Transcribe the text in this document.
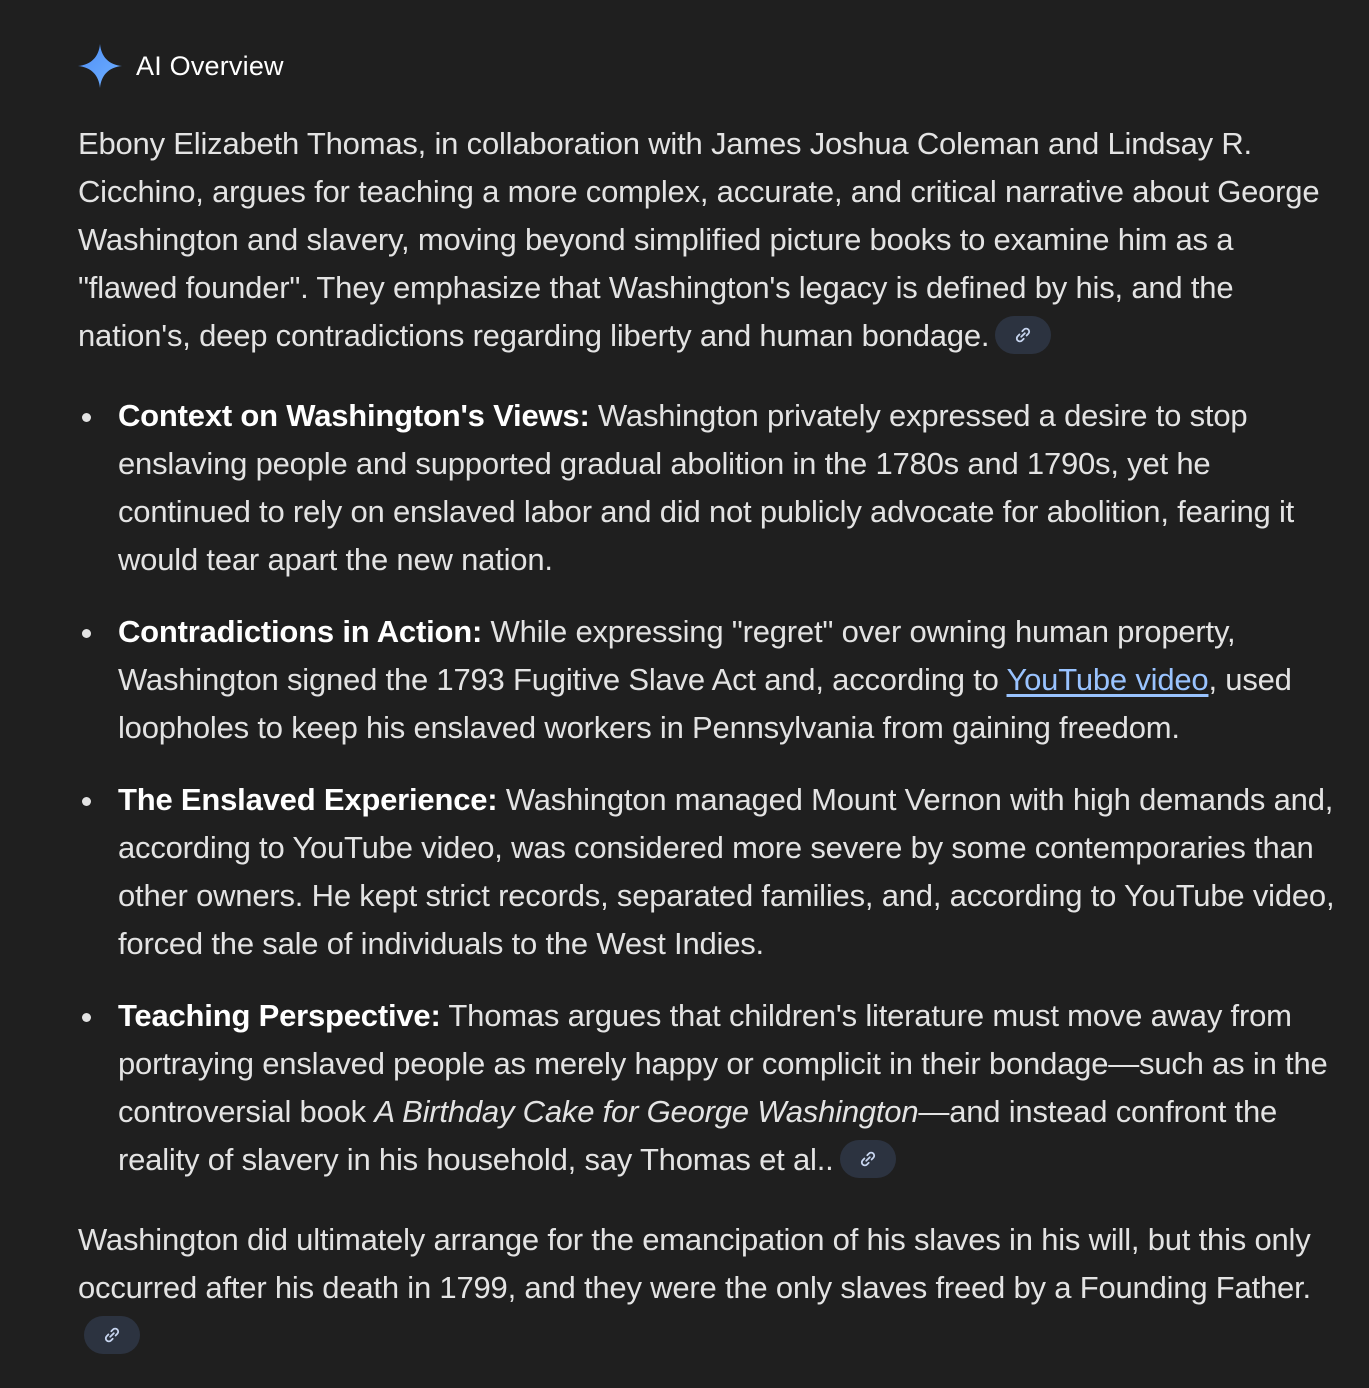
AI Overview

Ebony Elizabeth Thomas, in collaboration with James Joshua Coleman and Lindsay R. Cicchino, argues for teaching a more complex, accurate, and critical narrative about George Washington and slavery, moving beyond simplified picture books to examine him as a "flawed founder". They emphasize that Washington's legacy is defined by his, and the nation's, deep contradictions regarding liberty and human bondage.

Context on Washington's Views: Washington privately expressed a desire to stop enslaving people and supported gradual abolition in the 1780s and 1790s, yet he continued to rely on enslaved labor and did not publicly advocate for abolition, fearing it would tear apart the new nation.
Contradictions in Action: While expressing "regret" over owning human property, Washington signed the 1793 Fugitive Slave Act and, according to YouTube video, used loopholes to keep his enslaved workers in Pennsylvania from gaining freedom.
The Enslaved Experience: Washington managed Mount Vernon with high demands and, according to YouTube video, was considered more severe by some contemporaries than other owners. He kept strict records, separated families, and, according to YouTube video, forced the sale of individuals to the West Indies.
Teaching Perspective: Thomas argues that children's literature must move away from portraying enslaved people as merely happy or complicit in their bondage—such as in the controversial book A Birthday Cake for George Washington—and instead confront the reality of slavery in his household, say Thomas et al..

Washington did ultimately arrange for the emancipation of his slaves in his will, but this only occurred after his death in 1799, and they were the only slaves freed by a Founding Father.
